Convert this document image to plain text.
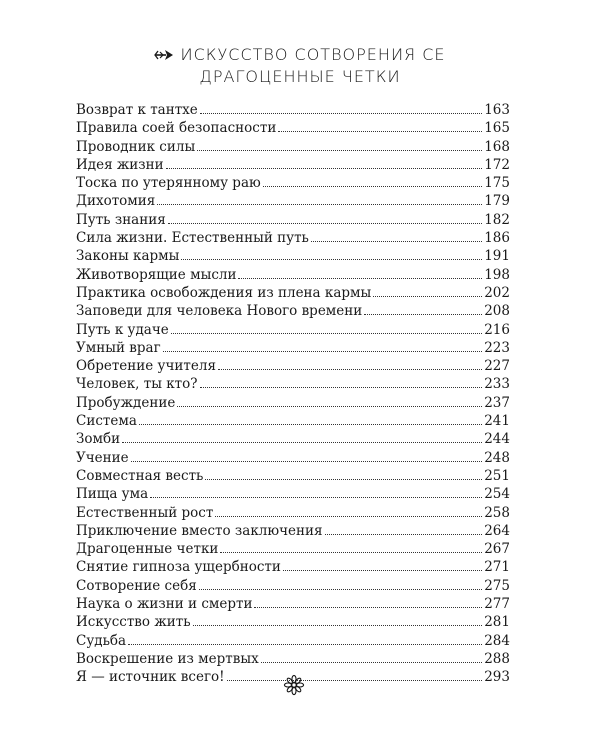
ИСКУССТВО СОТВОРЕНИЯ СЕ
ДРАГОЦЕННЫЕ ЧЕТКИ
Возврат к тантхе	163
Правила соей безопасности	165
Проводник силы	168
Идея жизни	172
Тоска по утерянному раю	175
Дихотомия	179
Путь знания	182
Сила жизни. Естественный путь	186
Законы кармы	191
Животворящие мысли	198
Практика освобождения из плена кармы	202
Заповеди для человека Нового времени	208
Путь к удаче	216
Умный враг	223
Обретение учителя	227
Человек, ты кто?	233
Пробуждение	237
Система	241
Зомби	244
Учение	248
Совместная весть	251
Пища ума	254
Естественный рост	258
Приключение вместо заключения	264
Драгоценные четки	267
Снятие гипноза ущербности	271
Сотворение себя	275
Наука о жизни и смерти	277
Искусство жить	281
Судьба	284
Воскрешение из мертвых	288
Я — источник всего!	293
